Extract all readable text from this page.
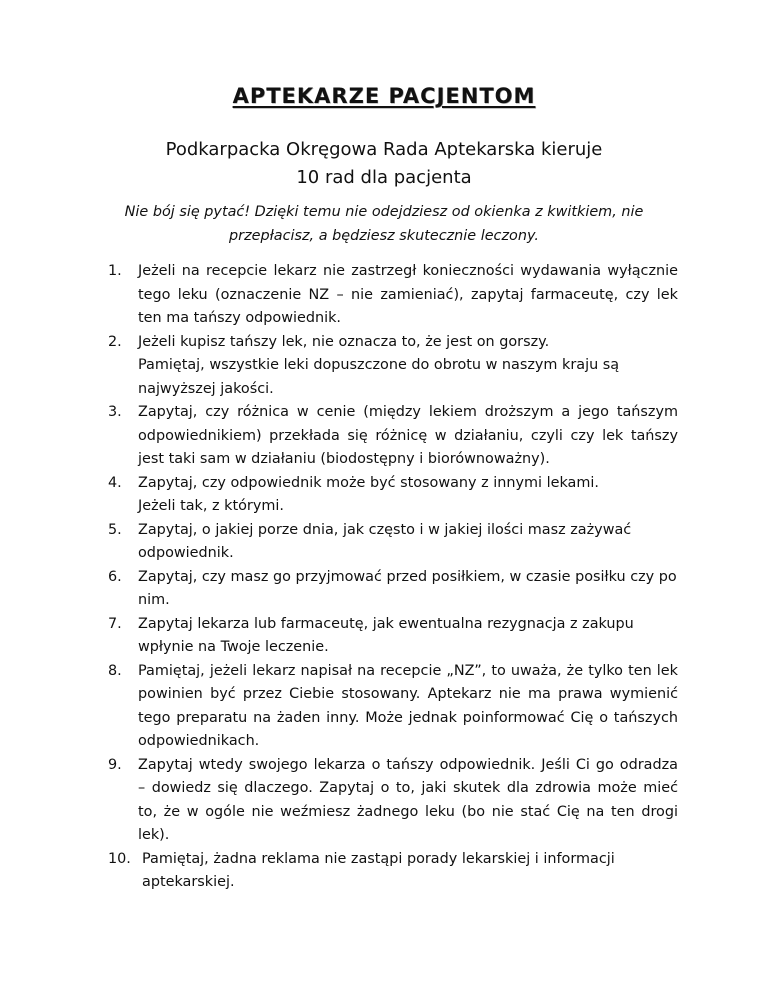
APTEKARZE PACJENTOM

Podkarpacka Okręgowa Rada Aptekarska kieruje
10 rad dla pacjenta

Nie bój się pytać! Dzięki temu nie odejdziesz od okienka z kwitkiem, nie
przepłacisz, a będziesz skutecznie leczony.

1.	Jeżeli na recepcie lekarz nie zastrzegł konieczności wydawania wyłącznie
tego leku (oznaczenie NZ – nie zamieniać), zapytaj farmaceutę, czy lek
ten ma tańszy odpowiednik.
2.	Jeżeli kupisz tańszy lek, nie oznacza to, że jest on gorszy.
Pamiętaj, wszystkie leki dopuszczone do obrotu w naszym kraju są
najwyższej jakości.
3.	Zapytaj, czy różnica w cenie (między lekiem droższym a jego tańszym
odpowiednikiem) przekłada się różnicę w działaniu, czyli czy lek tańszy
jest taki sam w działaniu (biodostępny i biorównoważny).
4.	Zapytaj, czy odpowiednik może być stosowany z innymi lekami.
Jeżeli tak, z którymi.
5.	Zapytaj, o jakiej porze dnia, jak często i w jakiej ilości masz zażywać
odpowiednik.
6.	Zapytaj, czy masz go przyjmować przed posiłkiem, w czasie posiłku czy po
nim.
7.	Zapytaj lekarza lub farmaceutę, jak ewentualna rezygnacja z zakupu
wpłynie na Twoje leczenie.
8.	Pamiętaj, jeżeli lekarz napisał na recepcie „NZ”, to uważa, że tylko ten lek
powinien być przez Ciebie stosowany. Aptekarz nie ma prawa wymienić
tego preparatu na żaden inny. Może jednak poinformować Cię o tańszych
odpowiednikach.
9.	Zapytaj wtedy swojego lekarza o tańszy odpowiednik. Jeśli Ci go odradza
– dowiedz się dlaczego. Zapytaj o to, jaki skutek dla zdrowia może mieć
to, że w ogóle nie weźmiesz żadnego leku (bo nie stać Cię na ten drogi
lek).
10. Pamiętaj, żadna reklama nie zastąpi porady lekarskiej i informacji
aptekarskiej.
